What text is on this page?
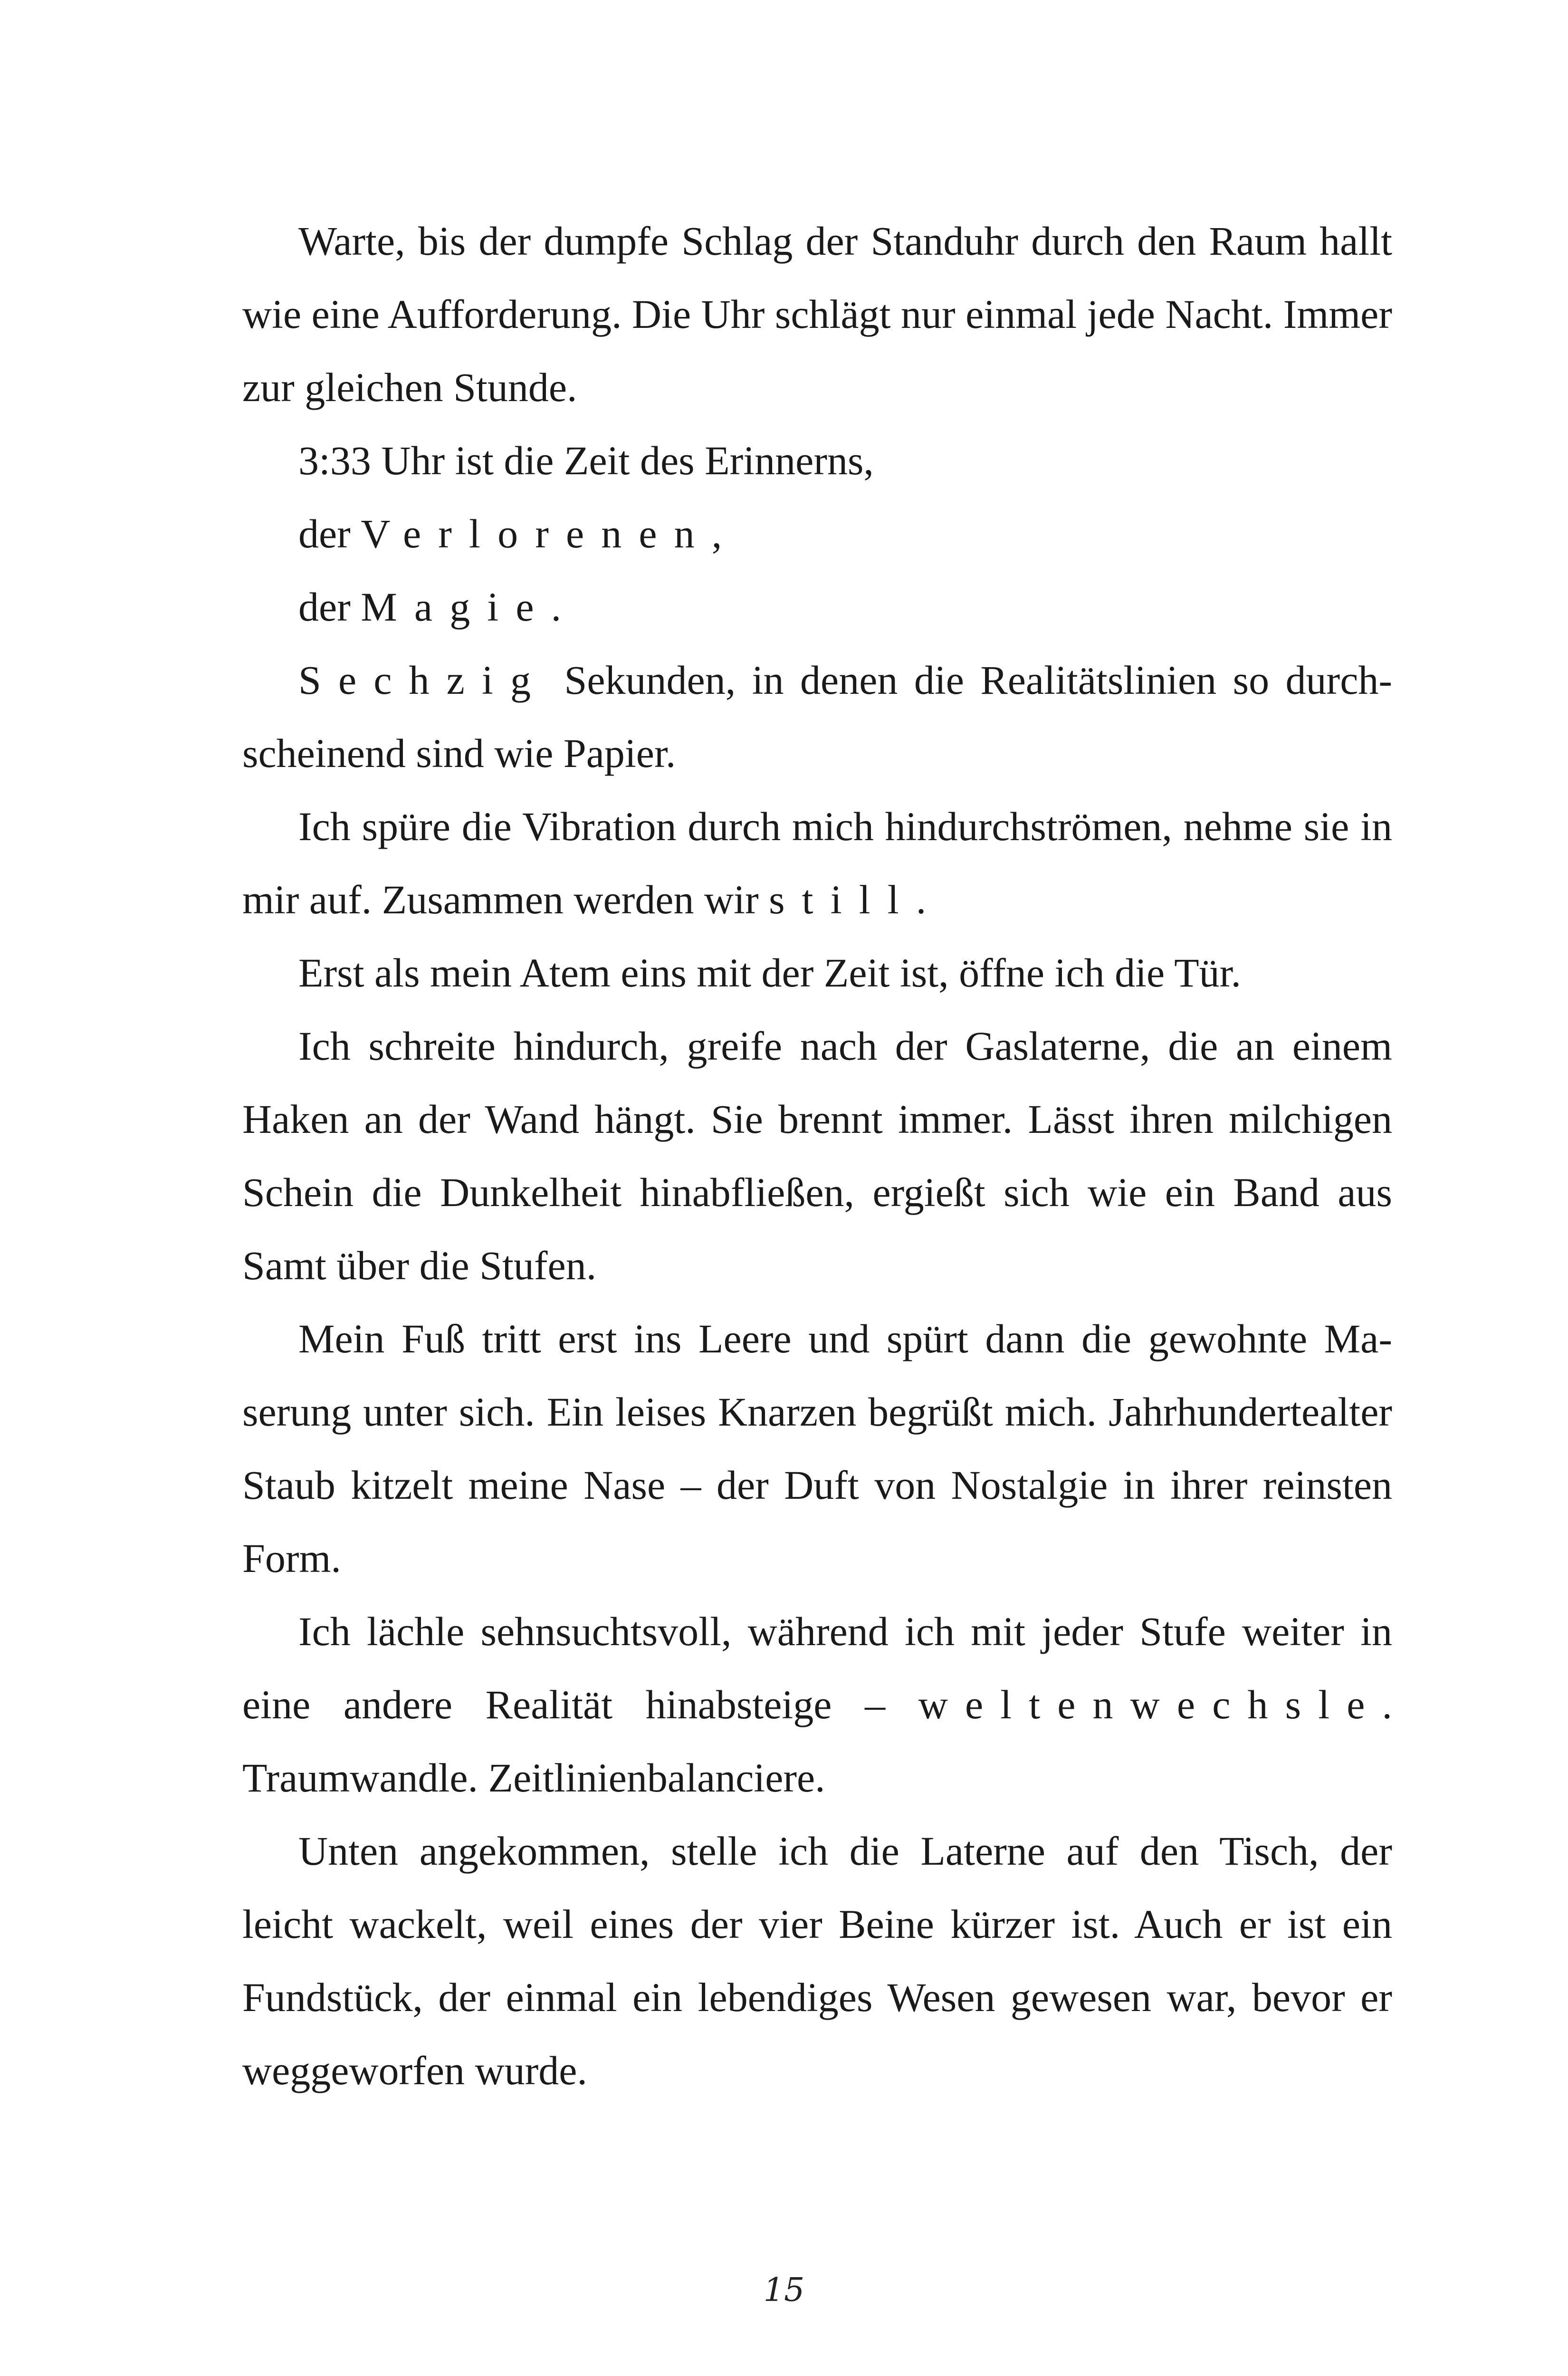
Warte, bis der dumpfe Schlag der Standuhr durch den Raum hallt wie eine Aufforderung. Die Uhr schlägt nur einmal jede Nacht. Immer zur gleichen Stunde.

3:33 Uhr ist die Zeit des Erinnerns,

der Verlorenen,

der Magie.

Sechzig Sekunden, in denen die Realitätslinien so durchscheinend sind wie Papier.

Ich spüre die Vibration durch mich hindurchströmen, nehme sie in mir auf. Zusammen werden wir still.

Erst als mein Atem eins mit der Zeit ist, öffne ich die Tür.

Ich schreite hindurch, greife nach der Gaslaterne, die an einem Haken an der Wand hängt. Sie brennt immer. Lässt ihren milchigen Schein die Dunkelheit hinabfließen, ergießt sich wie ein Band aus Samt über die Stufen.

Mein Fuß tritt erst ins Leere und spürt dann die gewohnte Maserung unter sich. Ein leises Knarzen begrüßt mich. Jahrhundertealter Staub kitzelt meine Nase – der Duft von Nostalgie in ihrer reinsten Form.

Ich lächle sehnsuchtsvoll, während ich mit jeder Stufe weiter in eine andere Realität hinabsteige – weltenwechsle. Traumwandle. Zeitlinienbalanciere.

Unten angekommen, stelle ich die Laterne auf den Tisch, der leicht wackelt, weil eines der vier Beine kürzer ist. Auch er ist ein Fundstück, der einmal ein lebendiges Wesen gewesen war, bevor er weggeworfen wurde.

15
